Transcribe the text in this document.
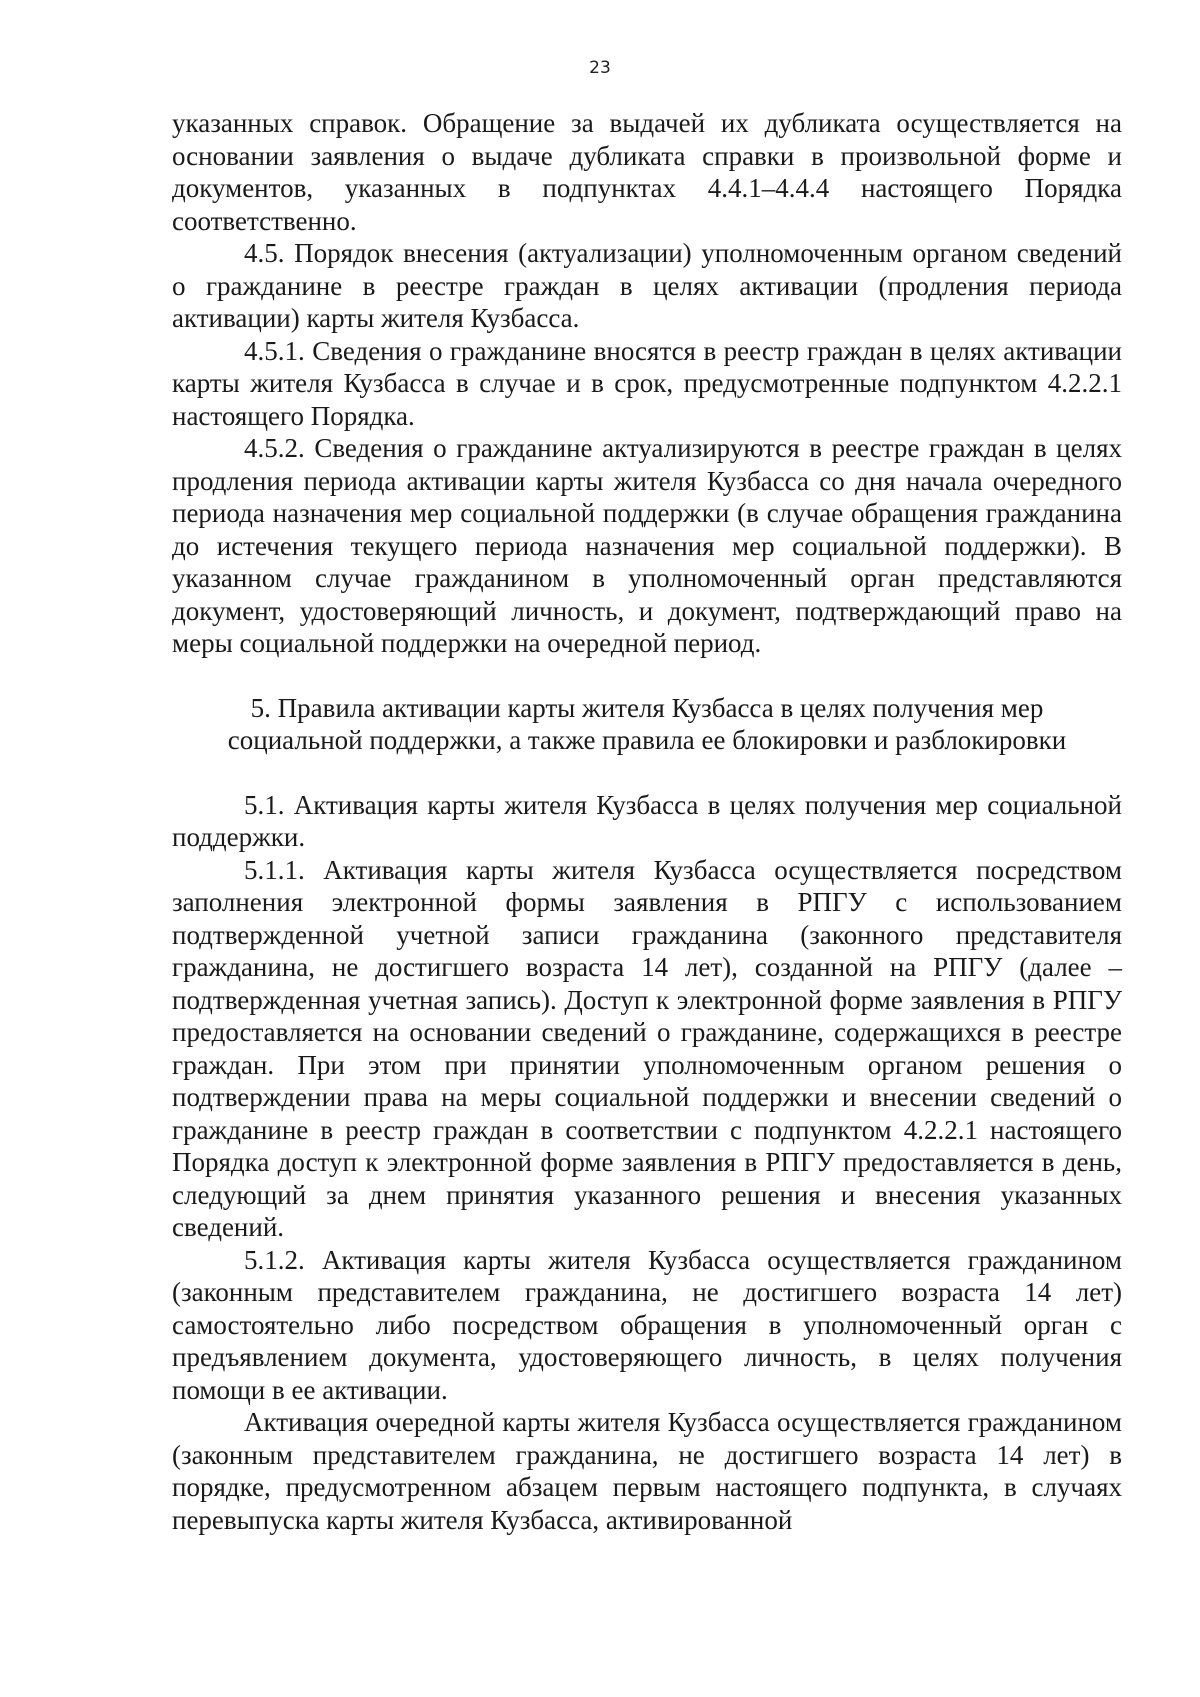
23

указанных справок. Обращение за выдачей их дубликата осуществляется на основании заявления о выдаче дубликата справки в произвольной форме и документов, указанных в подпунктах 4.4.1–4.4.4 настоящего Порядка соответственно.

4.5. Порядок внесения (актуализации) уполномоченным органом сведений о гражданине в реестре граждан в целях активации (продления периода активации) карты жителя Кузбасса.

4.5.1. Сведения о гражданине вносятся в реестр граждан в целях активации карты жителя Кузбасса в случае и в срок, предусмотренные подпунктом 4.2.2.1 настоящего Порядка.

4.5.2. Сведения о гражданине актуализируются в реестре граждан в целях продления периода активации карты жителя Кузбасса со дня начала очередного периода назначения мер социальной поддержки (в случае обращения гражданина до истечения текущего периода назначения мер социальной поддержки). В указанном случае гражданином в уполномоченный орган представляются документ, удостоверяющий личность, и документ, подтверждающий право на меры социальной поддержки на очередной период.

5. Правила активации карты жителя Кузбасса в целях получения мер социальной поддержки, а также правила ее блокировки и разблокировки

5.1. Активация карты жителя Кузбасса в целях получения мер социальной поддержки.

5.1.1. Активация карты жителя Кузбасса осуществляется посредством заполнения электронной формы заявления в РПГУ с использованием подтвержденной учетной записи гражданина (законного представителя гражданина, не достигшего возраста 14 лет), созданной на РПГУ (далее – подтвержденная учетная запись). Доступ к электронной форме заявления в РПГУ предоставляется на основании сведений о гражданине, содержащихся в реестре граждан. При этом при принятии уполномоченным органом решения о подтверждении права на меры социальной поддержки и внесении сведений о гражданине в реестр граждан в соответствии с подпунктом 4.2.2.1 настоящего Порядка доступ к электронной форме заявления в РПГУ предоставляется в день, следующий за днем принятия указанного решения и внесения указанных сведений.

5.1.2. Активация карты жителя Кузбасса осуществляется гражданином (законным представителем гражданина, не достигшего возраста 14 лет) самостоятельно либо посредством обращения в уполномоченный орган с предъявлением документа, удостоверяющего личность, в целях получения помощи в ее активации.

Активация очередной карты жителя Кузбасса осуществляется гражданином (законным представителем гражданина, не достигшего возраста 14 лет) в порядке, предусмотренном абзацем первым настоящего подпункта, в случаях перевыпуска карты жителя Кузбасса, активированной
